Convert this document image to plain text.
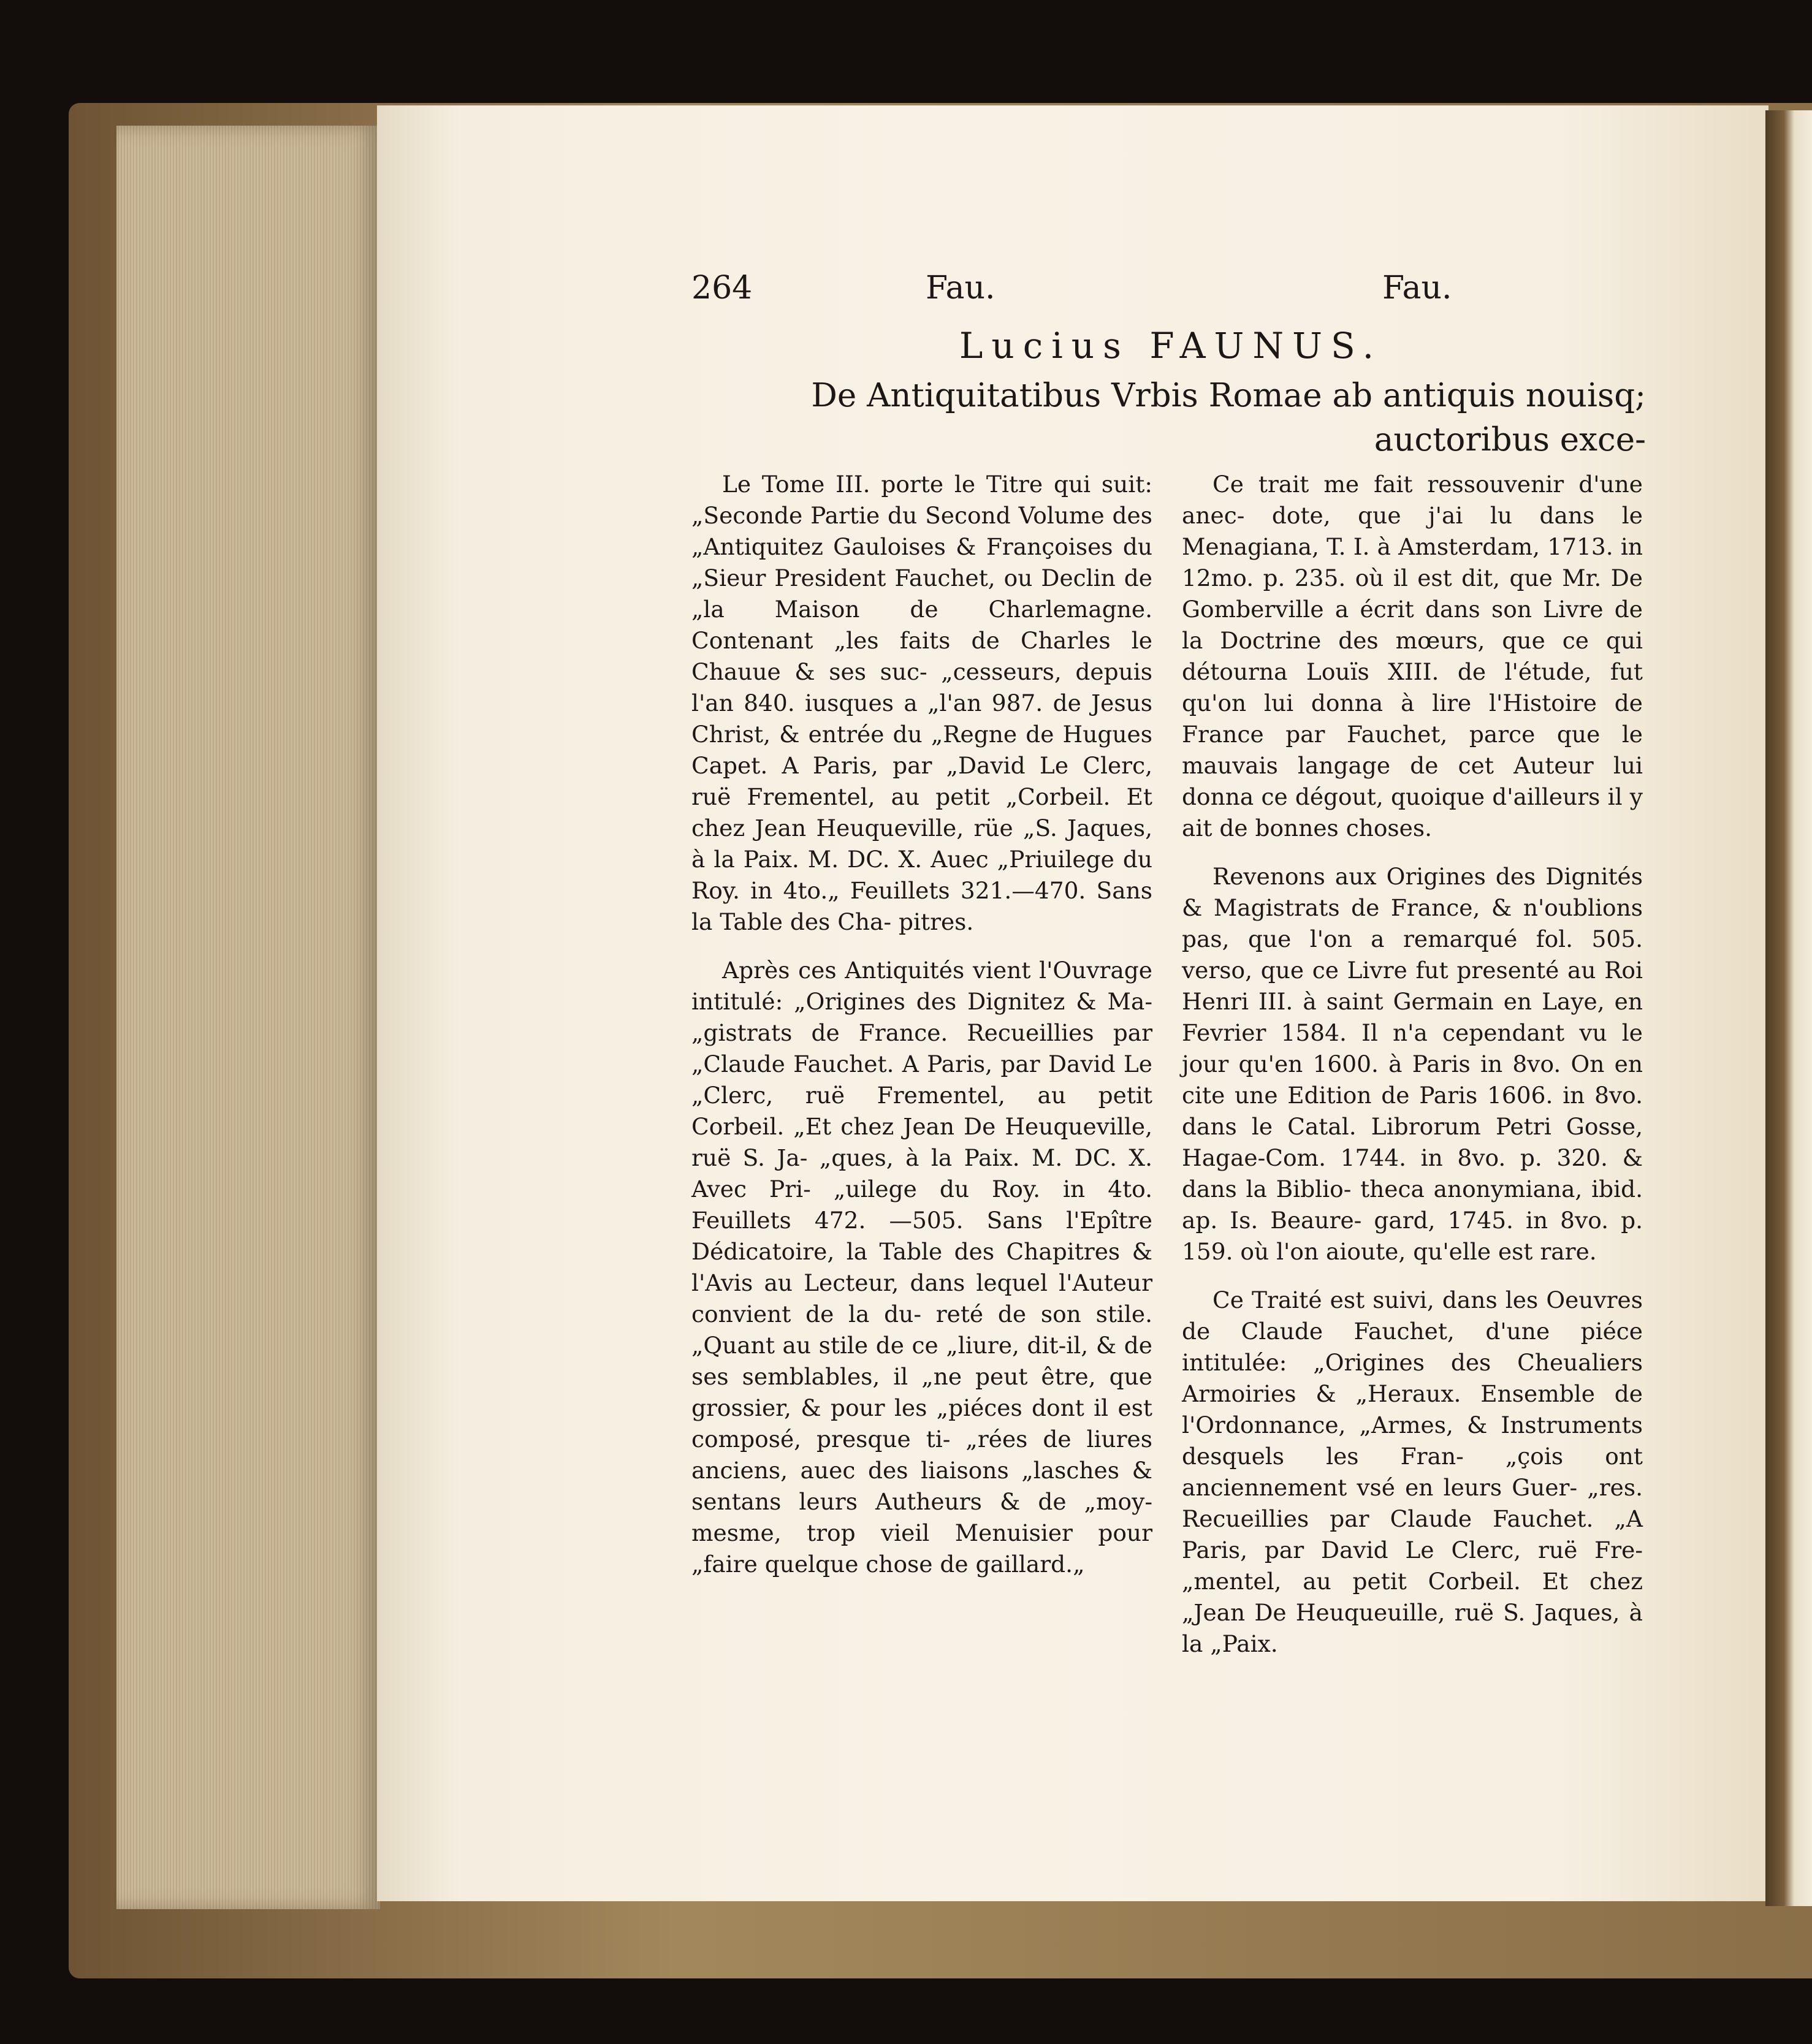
264	Fau.	Fau.
Lucius FAUNUS.
De Antiquitatibus Vrbis Romae ab antiquis nouisq; auctoribus exce-

Le Tome III. porte le Titre qui suit: „Seconde Partie du Second Volume des „Antiquitez Gauloises & Françoises du „Sieur President Fauchet, ou Declin de „la Maison de Charlemagne. Contenant „les faits de Charles le Chauue & ses suc- „cesseurs, depuis l'an 840. iusques a „l'an 987. de Jesus Christ, & entrée du „Regne de Hugues Capet. A Paris, par „David Le Clerc, ruë Frementel, au petit „Corbeil. Et chez Jean Heuqueville, rüe „S. Jaques, à la Paix. M. DC. X. Auec „Priuilege du Roy. in 4to.„ Feuillets 321.—470. Sans la Table des Cha- pitres.

Après ces Antiquités vient l'Ouvrage intitulé: „Origines des Dignitez & Ma- „gistrats de France. Recueillies par „Claude Fauchet. A Paris, par David Le „Clerc, ruë Frementel, au petit Corbeil. „Et chez Jean De Heuqueville, ruë S. Ja- „ques, à la Paix. M. DC. X. Avec Pri- „uilege du Roy. in 4to. Feuillets 472. —505. Sans l'Epître Dédicatoire, la Table des Chapitres & l'Avis au Lecteur, dans lequel l'Auteur convient de la du- reté de son stile. „Quant au stile de ce „liure, dit-il, & de ses semblables, il „ne peut être, que grossier, & pour les „piéces dont il est composé, presque ti- „rées de liures anciens, auec des liaisons „lasches & sentans leurs Autheurs & de „moy-mesme, trop vieil Menuisier pour „faire quelque chose de gaillard.„

Ce trait me fait ressouvenir d'une anec- dote, que j'ai lu dans le Menagiana, T. I. à Amsterdam, 1713. in 12mo. p. 235. où il est dit, que Mr. De Gomberville a écrit dans son Livre de la Doctrine des mœurs, que ce qui détourna Louïs XIII. de l'étude, fut qu'on lui donna à lire l'Histoire de France par Fauchet, parce que le mauvais langage de cet Auteur lui donna ce dégout, quoique d'ailleurs il y ait de bonnes choses.

Revenons aux Origines des Dignités & Magistrats de France, & n'oublions pas, que l'on a remarqué fol. 505. verso, que ce Livre fut presenté au Roi Henri III. à saint Germain en Laye, en Fevrier 1584. Il n'a cependant vu le jour qu'en 1600. à Paris in 8vo. On en cite une Edition de Paris 1606. in 8vo. dans le Catal. Librorum Petri Gosse, Hagae-Com. 1744. in 8vo. p. 320. & dans la Biblio- theca anonymiana, ibid. ap. Is. Beaure- gard, 1745. in 8vo. p. 159. où l'on aioute, qu'elle est rare.

Ce Traité est suivi, dans les Oeuvres de Claude Fauchet, d'une piéce intitulée: „Origines des Cheualiers Armoiries & „Heraux. Ensemble de l'Ordonnance, „Armes, & Instruments desquels les Fran- „çois ont anciennement vsé en leurs Guer- „res. Recueillies par Claude Fauchet. „A Paris, par David Le Clerc, ruë Fre- „mentel, au petit Corbeil. Et chez „Jean De Heuqueuille, ruë S. Jaques, à la „Paix.
